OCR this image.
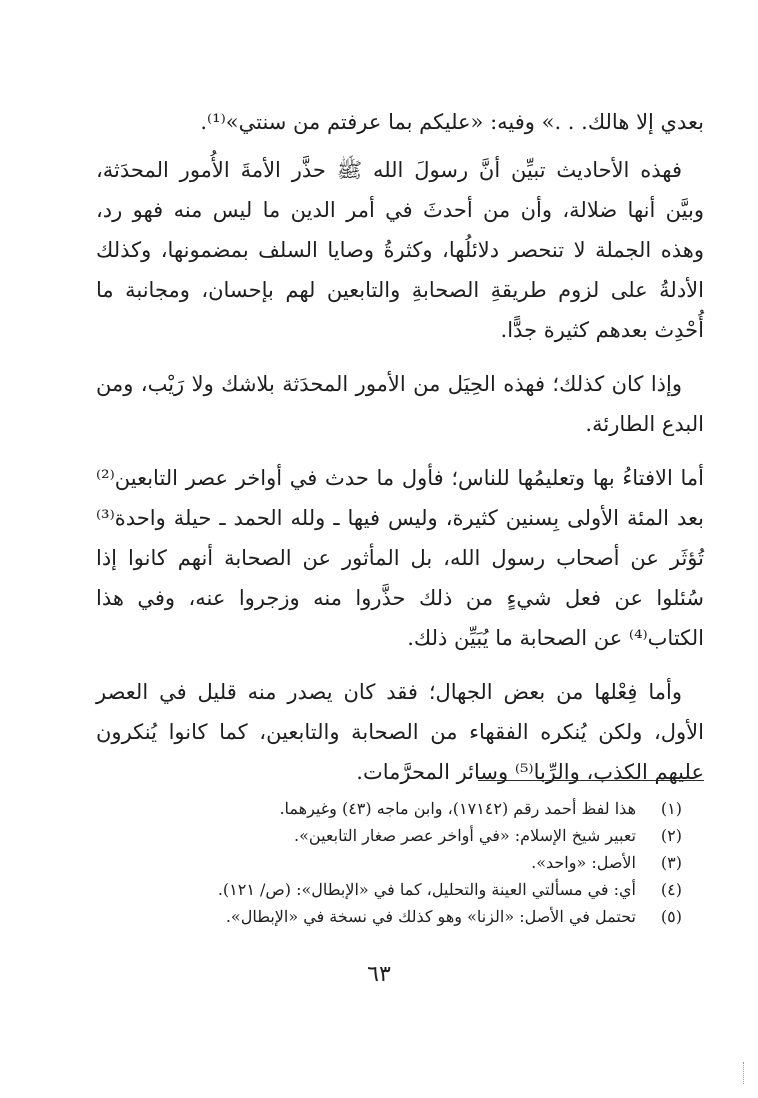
بعدي إلا هالك. . .» وفيه: «عليكم بما عرفتم من سنتي»⁽¹⁾.

فهذه الأحاديث تبيِّن أنَّ رسولَ الله ﷺ حذَّر الأمةَ الأُمور المحدَثة، وبيَّن أنها ضلالة، وأن من أحدثَ في أمر الدين ما ليس منه فهو رد، وهذه الجملة لا تنحصر دلائلُها، وكثرةُ وصايا السلف بمضمونها، وكذلك الأدلةُ على لزوم طريقةِ الصحابةِ والتابعين لهم بإحسان، ومجانبة ما أُحْدِث بعدهم كثيرة جدًّا.

وإذا كان كذلك؛ فهذه الحِيَل من الأمور المحدَثة بلاشك ولا رَيْب، ومن البدع الطارئة.

أما الافتاءُ بها وتعليمُها للناس؛ فأول ما حدث في أواخر عصر التابعين⁽²⁾ بعد المئة الأولى بِسنين كثيرة، وليس فيها ـ ولله الحمد ـ حيلة واحدة⁽³⁾ تُؤثَر عن أصحاب رسول الله، بل المأثور عن الصحابة أنهم كانوا إذا سُئلوا عن فعل شيءٍ من ذلك حذَّروا منه وزجروا عنه، وفي هذا الكتاب⁽⁴⁾ عن الصحابة ما يُبَيِّن ذلك.

وأما فِعْلها من بعض الجهال؛ فقد كان يصدر منه قليل في العصر الأول، ولكن يُنكره الفقهاء من الصحابة والتابعين، كما كانوا يُنكرون عليهم الكذب، والرِّبا⁽⁵⁾ وسائر المحرَّمات.

(١)
هذا لفظ أحمد رقم (١٧١٤٢)، وابن ماجه (٤٣) وغيرهما.
(٢)
تعبير شيخ الإسلام: «في أواخر عصر صغار التابعين».
(٣)
الأصل: «واحد».
(٤)
أي: في مسألتي العينة والتحليل، كما في «الإبطال»: (ص/ ١٢١).
(٥)
تحتمل في الأصل: «الزنا» وهو كذلك في نسخة في «الإبطال».
٦٣
